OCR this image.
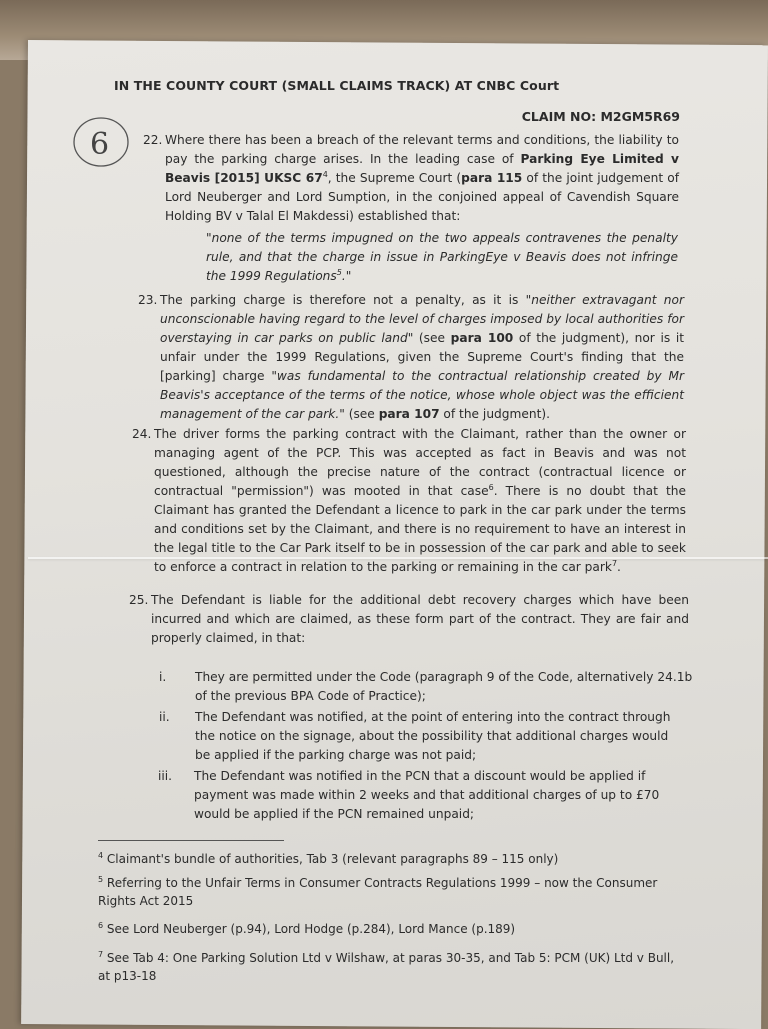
IN THE COUNTY COURT (SMALL CLAIMS TRACK) AT CNBC Court
CLAIM NO: M2GM5R69
6	22. Where there has been a breach of the relevant terms and conditions, the liability to pay the parking charge arises. In the leading case of Parking Eye Limited v Beavis [2015] UKSC $67^4$, the Supreme Court (para 115 of the joint judgement of Lord Neuberger and Lord Sumption, in the conjoined appeal of Cavendish Square Holding BV v Talal El Makdessi) established that:
"none of the terms impugned on the two appeals contravenes the penalty rule, and that the charge in issue in ParkingEye v Beavis does not infringe the 1999 Regulations$^5$."
23. The parking charge is therefore not a penalty, as it is "neither extravagant nor unconscionable having regard to the level of charges imposed by local authorities for overstaying in car parks on public land" (see para 100 of the judgment), nor is it unfair under the 1999 Regulations, given the Supreme Court's finding that the [parking] charge "was fundamental to the contractual relationship created by Mr Beavis's acceptance of the terms of the notice, whose whole object was the efficient management of the car park." (see para 107 of the judgment).
24. The driver forms the parking contract with the Claimant, rather than the owner or managing agent of the PCP. This was accepted as fact in Beavis and was not questioned, although the precise nature of the contract (contractual licence or contractual "permission") was mooted in that case$^6$. There is no doubt that the Claimant has granted the Defendant a licence to park in the car park under the terms and conditions set by the Claimant, and there is no requirement to have an interest in the legal title to the Car Park itself to be in possession of the car park and able to seek to enforce a contract in relation to the parking or remaining in the car park$^7$.
25. The Defendant is liable for the additional debt recovery charges which have been incurred and which are claimed, as these form part of the contract. They are fair and properly claimed, in that:
i. They are permitted under the Code (paragraph 9 of the Code, alternatively 24.1b of the previous BPA Code of Practice);
ii. The Defendant was notified, at the point of entering into the contract through the notice on the signage, about the possibility that additional charges would be applied if the parking charge was not paid;
iii. The Defendant was notified in the PCN that a discount would be applied if payment was made within 2 weeks and that additional charges of up to £70 would be applied if the PCN remained unpaid;
$^4$ Claimant's bundle of authorities, Tab 3 (relevant paragraphs 89 – 115 only)
$^5$ Referring to the Unfair Terms in Consumer Contracts Regulations 1999 – now the Consumer Rights Act 2015
$^6$ See Lord Neuberger (p.94), Lord Hodge (p.284), Lord Mance (p.189)
$^7$ See Tab 4: One Parking Solution Ltd v Wilshaw, at paras 30-35, and Tab 5: PCM (UK) Ltd v Bull, at p13-18
